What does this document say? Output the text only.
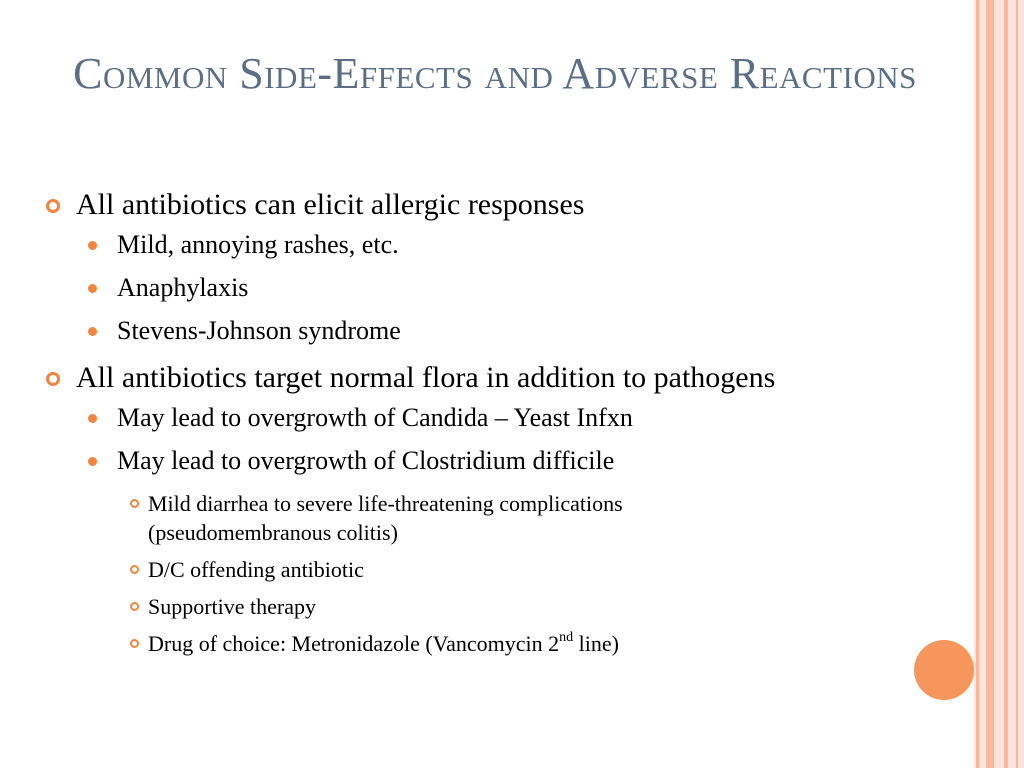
Common Side-Effects and Adverse Reactions
All antibiotics can elicit allergic responses
Mild, annoying rashes, etc.
Anaphylaxis
Stevens-Johnson syndrome
All antibiotics target normal flora in addition to pathogens
May lead to overgrowth of Candida – Yeast Infxn
May lead to overgrowth of Clostridium difficile
Mild diarrhea to severe life-threatening complications (pseudomembranous colitis)
D/C offending antibiotic
Supportive therapy
Drug of choice: Metronidazole (Vancomycin 2nd line)
